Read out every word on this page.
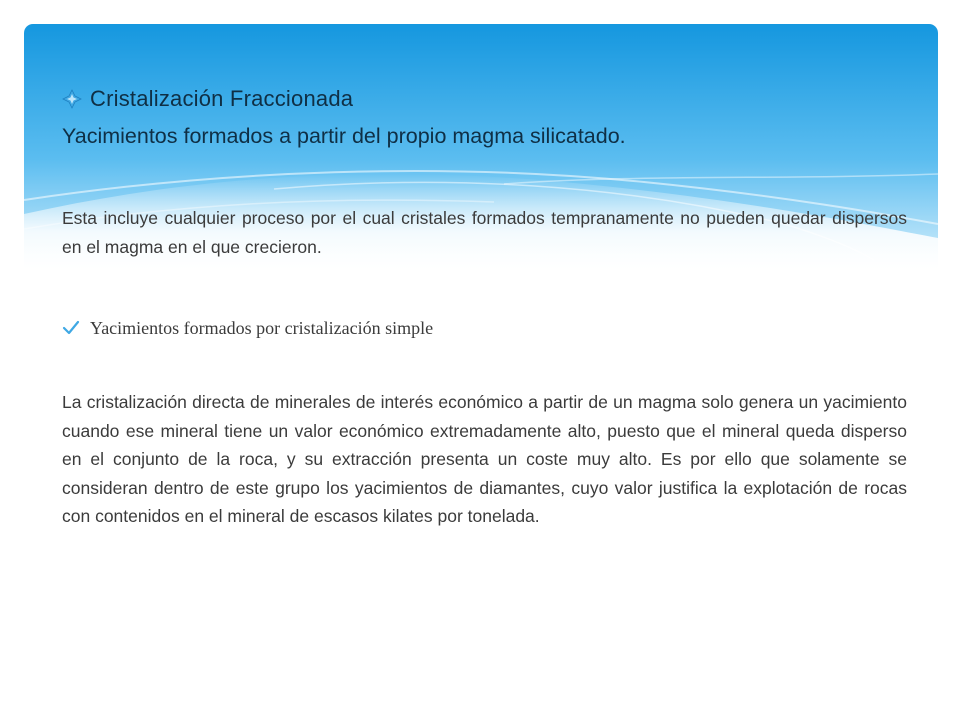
Cristalización Fraccionada
Yacimientos formados a partir del propio magma silicatado.

Esta incluye cualquier proceso por el cual cristales formados tempranamente no pueden quedar dispersos en el magma en el que crecieron.

Yacimientos formados por cristalización simple

La cristalización directa de minerales de interés económico a partir de un magma solo genera un yacimiento cuando ese mineral tiene un valor económico extremadamente alto, puesto que el mineral queda disperso en el conjunto de la roca, y su extracción presenta un coste muy alto. Es por ello que solamente se consideran dentro de este grupo los yacimientos de diamantes, cuyo valor justifica la explotación de rocas con contenidos en el mineral de escasos kilates por tonelada.
